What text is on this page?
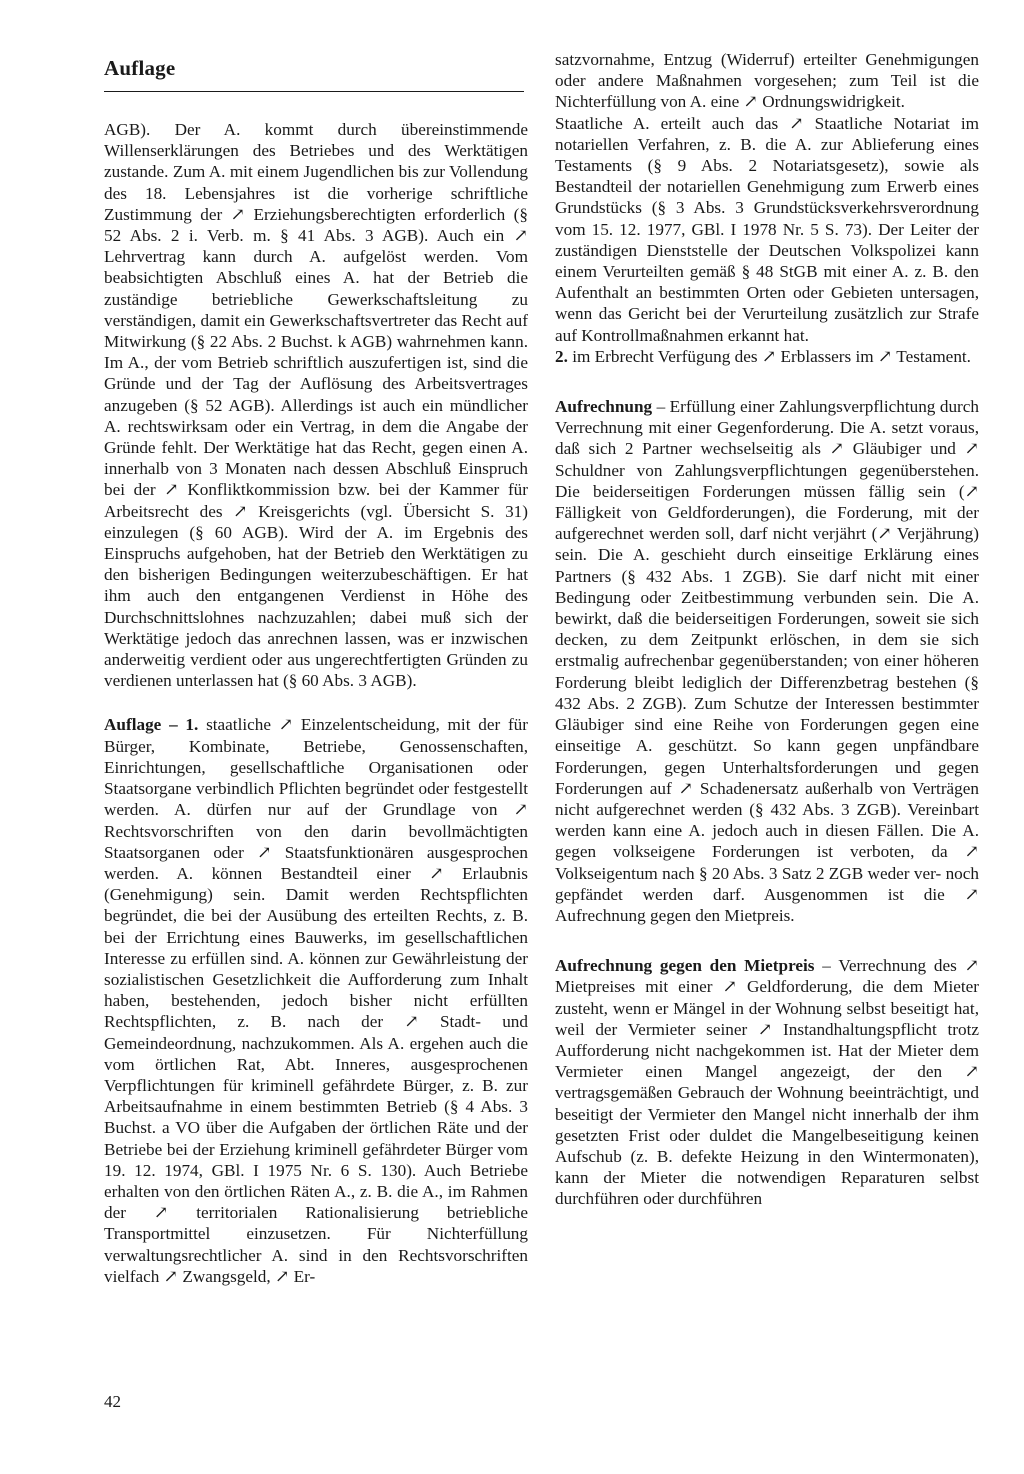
Auflage

AGB). Der A. kommt durch übereinstimmende Willenserklärungen des Betriebes und des Werktätigen zustande. Zum A. mit einem Jugendlichen bis zur Vollendung des 18. Lebensjahres ist die vorherige schriftliche Zustimmung der ↗ Erziehungsberechtigten erforderlich (§ 52 Abs. 2 i. Verb. m. § 41 Abs. 3 AGB). Auch ein ↗ Lehrvertrag kann durch A. aufgelöst werden. Vom beabsichtigten Abschluß eines A. hat der Betrieb die zuständige betriebliche Gewerkschaftsleitung zu verständigen, damit ein Gewerkschaftsvertreter das Recht auf Mitwirkung (§ 22 Abs. 2 Buchst. k AGB) wahrnehmen kann. Im A., der vom Betrieb schriftlich auszufertigen ist, sind die Gründe und der Tag der Auflösung des Arbeitsvertrages anzugeben (§ 52 AGB). Allerdings ist auch ein mündlicher A. rechtswirksam oder ein Vertrag, in dem die Angabe der Gründe fehlt. Der Werktätige hat das Recht, gegen einen A. innerhalb von 3 Monaten nach dessen Abschluß Einspruch bei der ↗ Konfliktkommission bzw. bei der Kammer für Arbeitsrecht des ↗ Kreisgerichts (vgl. Übersicht S. 31) einzulegen (§ 60 AGB). Wird der A. im Ergebnis des Einspruchs aufgehoben, hat der Betrieb den Werktätigen zu den bisherigen Bedingungen weiterzubeschäftigen. Er hat ihm auch den entgangenen Verdienst in Höhe des Durchschnittslohnes nachzuzahlen; dabei muß sich der Werktätige jedoch das anrechnen lassen, was er inzwischen anderweitig verdient oder aus ungerechtfertigten Gründen zu verdienen unterlassen hat (§ 60 Abs. 3 AGB).

Auflage – 1. staatliche ↗ Einzelentscheidung, mit der für Bürger, Kombinate, Betriebe, Genossenschaften, Einrichtungen, gesellschaftliche Organisationen oder Staatsorgane verbindlich Pflichten begründet oder festgestellt werden. A. dürfen nur auf der Grundlage von ↗ Rechtsvorschriften von den darin bevollmächtigten Staatsorganen oder ↗ Staatsfunktionären ausgesprochen werden. A. können Bestandteil einer ↗ Erlaubnis (Genehmigung) sein. Damit werden Rechtspflichten begründet, die bei der Ausübung des erteilten Rechts, z. B. bei der Errichtung eines Bauwerks, im gesellschaftlichen Interesse zu erfüllen sind. A. können zur Gewährleistung der sozialistischen Gesetzlichkeit die Aufforderung zum Inhalt haben, bestehenden, jedoch bisher nicht erfüllten Rechtspflichten, z. B. nach der ↗ Stadt- und Gemeindeordnung, nachzukommen. Als A. ergehen auch die vom örtlichen Rat, Abt. Inneres, ausgesprochenen Verpflichtungen für kriminell gefährdete Bürger, z. B. zur Arbeitsaufnahme in einem bestimmten Betrieb (§ 4 Abs. 3 Buchst. a VO über die Aufgaben der örtlichen Räte und der Betriebe bei der Erziehung kriminell gefährdeter Bürger vom 19. 12. 1974, GBl. I 1975 Nr. 6 S. 130). Auch Betriebe erhalten von den örtlichen Räten A., z. B. die A., im Rahmen der ↗ territorialen Rationalisierung betriebliche Transportmittel einzusetzen. Für Nichterfüllung verwaltungsrechtlicher A. sind in den Rechtsvorschriften vielfach ↗ Zwangsgeld, ↗ Er-

satzvornahme, Entzug (Widerruf) erteilter Genehmigungen oder andere Maßnahmen vorgesehen; zum Teil ist die Nichterfüllung von A. eine ↗ Ordnungswidrigkeit.

Staatliche A. erteilt auch das ↗ Staatliche Notariat im notariellen Verfahren, z. B. die A. zur Ablieferung eines Testaments (§ 9 Abs. 2 Notariatsgesetz), sowie als Bestandteil der notariellen Genehmigung zum Erwerb eines Grundstücks (§ 3 Abs. 3 Grundstücksverkehrsverordnung vom 15. 12. 1977, GBl. I 1978 Nr. 5 S. 73). Der Leiter der zuständigen Dienststelle der Deutschen Volkspolizei kann einem Verurteilten gemäß § 48 StGB mit einer A. z. B. den Aufenthalt an bestimmten Orten oder Gebieten untersagen, wenn das Gericht bei der Verurteilung zusätzlich zur Strafe auf Kontrollmaßnahmen erkannt hat.

2. im Erbrecht Verfügung des ↗ Erblassers im ↗ Testament.

Aufrechnung – Erfüllung einer Zahlungsverpflichtung durch Verrechnung mit einer Gegenforderung. Die A. setzt voraus, daß sich 2 Partner wechselseitig als ↗ Gläubiger und ↗ Schuldner von Zahlungsverpflichtungen gegenüberstehen. Die beiderseitigen Forderungen müssen fällig sein (↗ Fälligkeit von Geldforderungen), die Forderung, mit der aufgerechnet werden soll, darf nicht verjährt (↗ Verjährung) sein. Die A. geschieht durch einseitige Erklärung eines Partners (§ 432 Abs. 1 ZGB). Sie darf nicht mit einer Bedingung oder Zeitbestimmung verbunden sein. Die A. bewirkt, daß die beiderseitigen Forderungen, soweit sie sich decken, zu dem Zeitpunkt erlöschen, in dem sie sich erstmalig aufrechenbar gegenüberstanden; von einer höheren Forderung bleibt lediglich der Differenzbetrag bestehen (§ 432 Abs. 2 ZGB). Zum Schutze der Interessen bestimmter Gläubiger sind eine Reihe von Forderungen gegen eine einseitige A. geschützt. So kann gegen unpfändbare Forderungen, gegen Unterhaltsforderungen und gegen Forderungen auf ↗ Schadenersatz außerhalb von Verträgen nicht aufgerechnet werden (§ 432 Abs. 3 ZGB). Vereinbart werden kann eine A. jedoch auch in diesen Fällen. Die A. gegen volkseigene Forderungen ist verboten, da ↗ Volkseigentum nach § 20 Abs. 3 Satz 2 ZGB weder ver- noch gepfändet werden darf. Ausgenommen ist die ↗ Aufrechnung gegen den Mietpreis.

Aufrechnung gegen den Mietpreis – Verrechnung des ↗ Mietpreises mit einer ↗ Geldforderung, die dem Mieter zusteht, wenn er Mängel in der Wohnung selbst beseitigt hat, weil der Vermieter seiner ↗ Instandhaltungspflicht trotz Aufforderung nicht nachgekommen ist. Hat der Mieter dem Vermieter einen Mangel angezeigt, der den ↗ vertragsgemäßen Gebrauch der Wohnung beeinträchtigt, und beseitigt der Vermieter den Mangel nicht innerhalb der ihm gesetzten Frist oder duldet die Mangelbeseitigung keinen Aufschub (z. B. defekte Heizung in den Wintermonaten), kann der Mieter die notwendigen Reparaturen selbst durchführen oder durchführen

42
